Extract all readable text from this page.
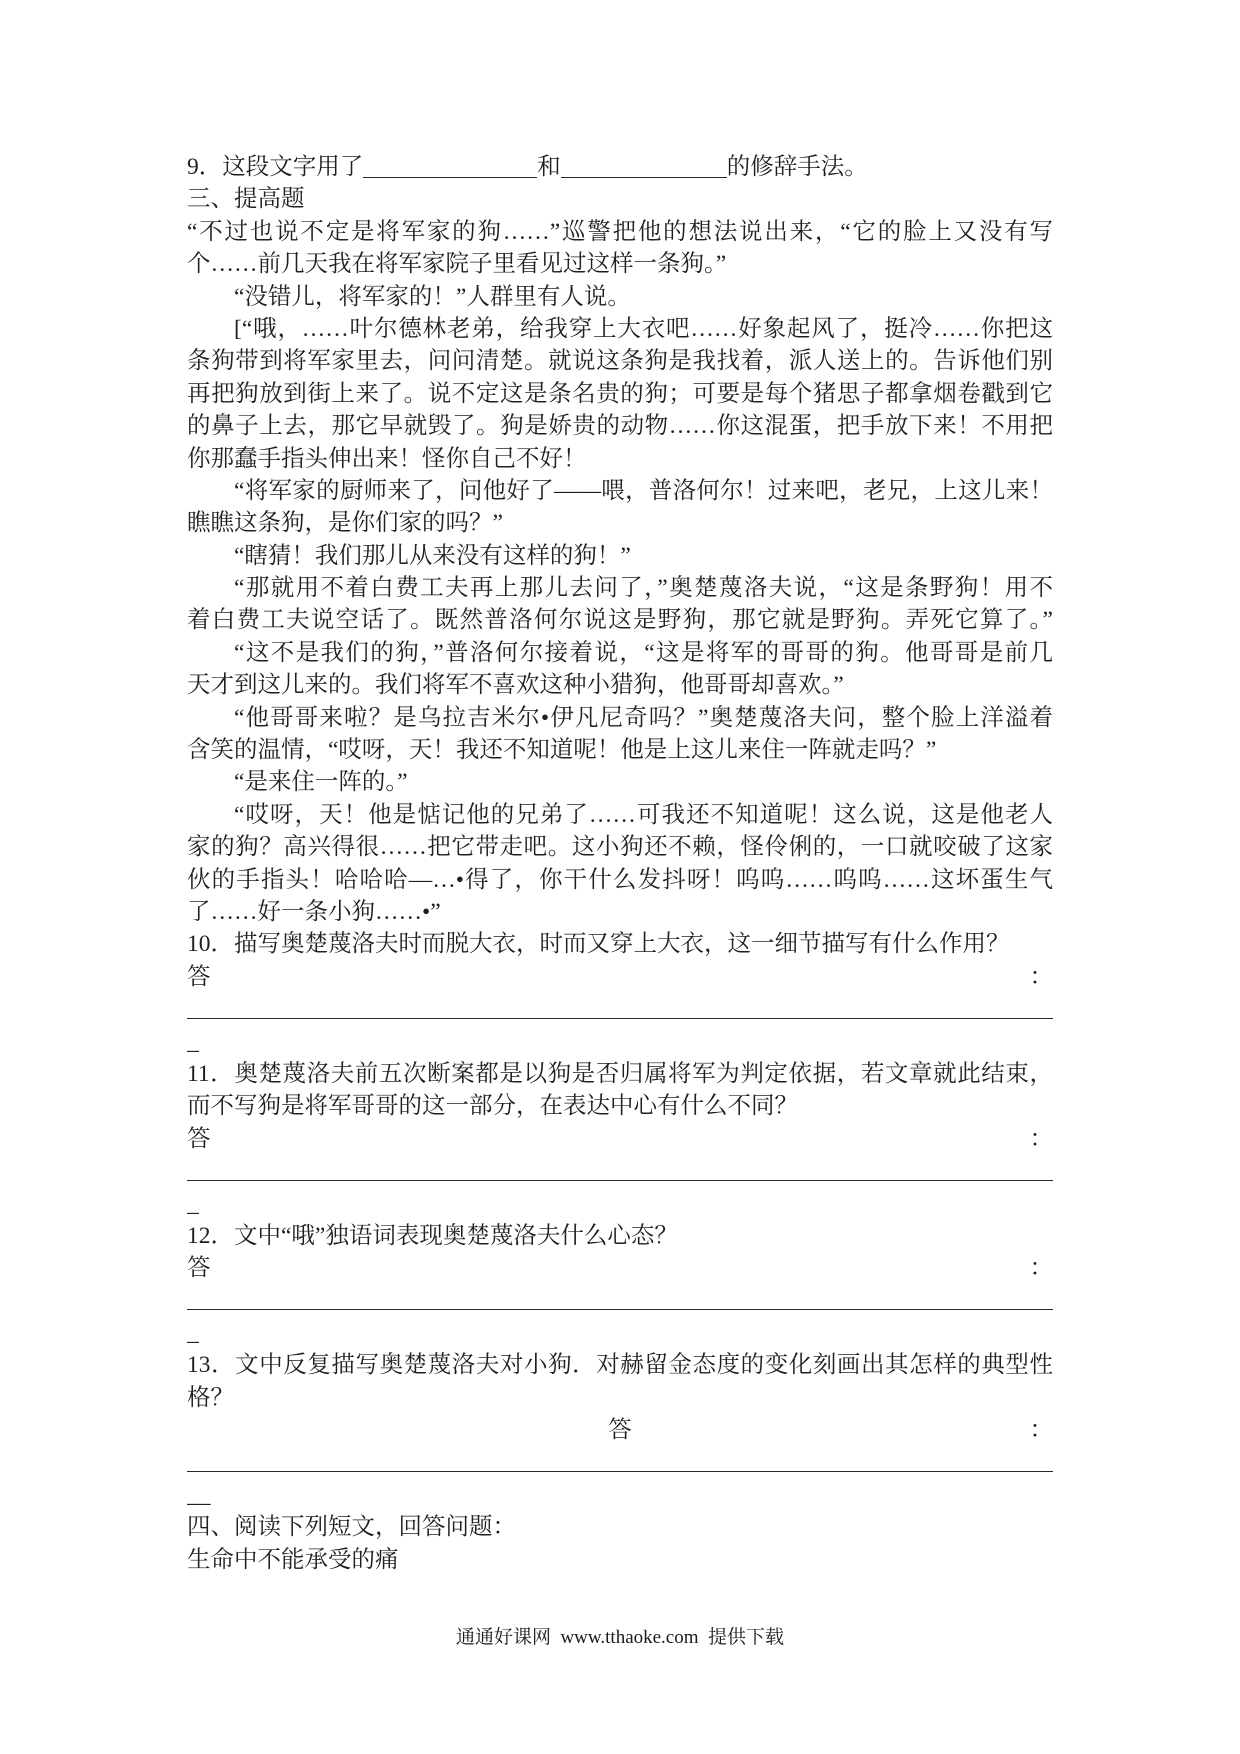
9．这段文字用了	和	的修辞手法。
三、提高题
“不过也说不定是将军家的狗……”巡警把他的想法说出来，“它的脸上又没有写
个……前几天我在将军家院子里看见过这样一条狗。”
“没错儿，将军家的！”人群里有人说。
[“哦，……叶尔德林老弟，给我穿上大衣吧……好象起风了，挺冷……你把这
条狗带到将军家里去，问问清楚。就说这条狗是我找着，派人送上的。告诉他们别
再把狗放到街上来了。说不定这是条名贵的狗；可要是每个猪思子都拿烟卷戳到它
的鼻子上去，那它早就毁了。狗是娇贵的动物……你这混蛋，把手放下来！不用把
你那蠢手指头伸出来！怪你自己不好！
“将军家的厨师来了，问他好了——喂，普洛何尔！过来吧，老兄，上这儿来！
瞧瞧这条狗，是你们家的吗？”
“瞎猜！我们那儿从来没有这样的狗！”
“那就用不着白费工夫再上那儿去问了，”奥楚蔑洛夫说，“这是条野狗！用不
着白费工夫说空话了。既然普洛何尔说这是野狗，那它就是野狗。弄死它算了。”
“这不是我们的狗，”普洛何尔接着说，“这是将军的哥哥的狗。他哥哥是前几
天才到这儿来的。我们将军不喜欢这种小猎狗，他哥哥却喜欢。”
“他哥哥来啦？是乌拉吉米尔•伊凡尼奇吗？”奥楚蔑洛夫问，整个脸上洋溢着
含笑的温情，“哎呀，天！我还不知道呢！他是上这儿来住一阵就走吗？”
“是来住一阵的。”
“哎呀，天！他是惦记他的兄弟了……可我还不知道呢！这么说，这是他老人
家的狗？高兴得很……把它带走吧。这小狗还不赖，怪伶俐的，一口就咬破了这家
伙的手指头！哈哈哈—…•得了，你干什么发抖呀！呜呜……呜呜……这坏蛋生气
了……好一条小狗……•”
10．描写奥楚蔑洛夫时而脱大衣，时而又穿上大衣，这一细节描写有什么作用？
答	：
_
11．奥楚蔑洛夫前五次断案都是以狗是否归属将军为判定依据，若文章就此结束，
而不写狗是将军哥哥的这一部分，在表达中心有什么不同？
答	：
_
12．文中“哦”独语词表现奥楚蔑洛夫什么心态？
答	：
_
13．文中反复描写奥楚蔑洛夫对小狗．对赫留金态度的变化刻画出其怎样的典型性
格？
答	：
__
四、阅读下列短文，回答问题：
生命中不能承受的痛
通通好课网  www.tthaoke.com  提供下载
